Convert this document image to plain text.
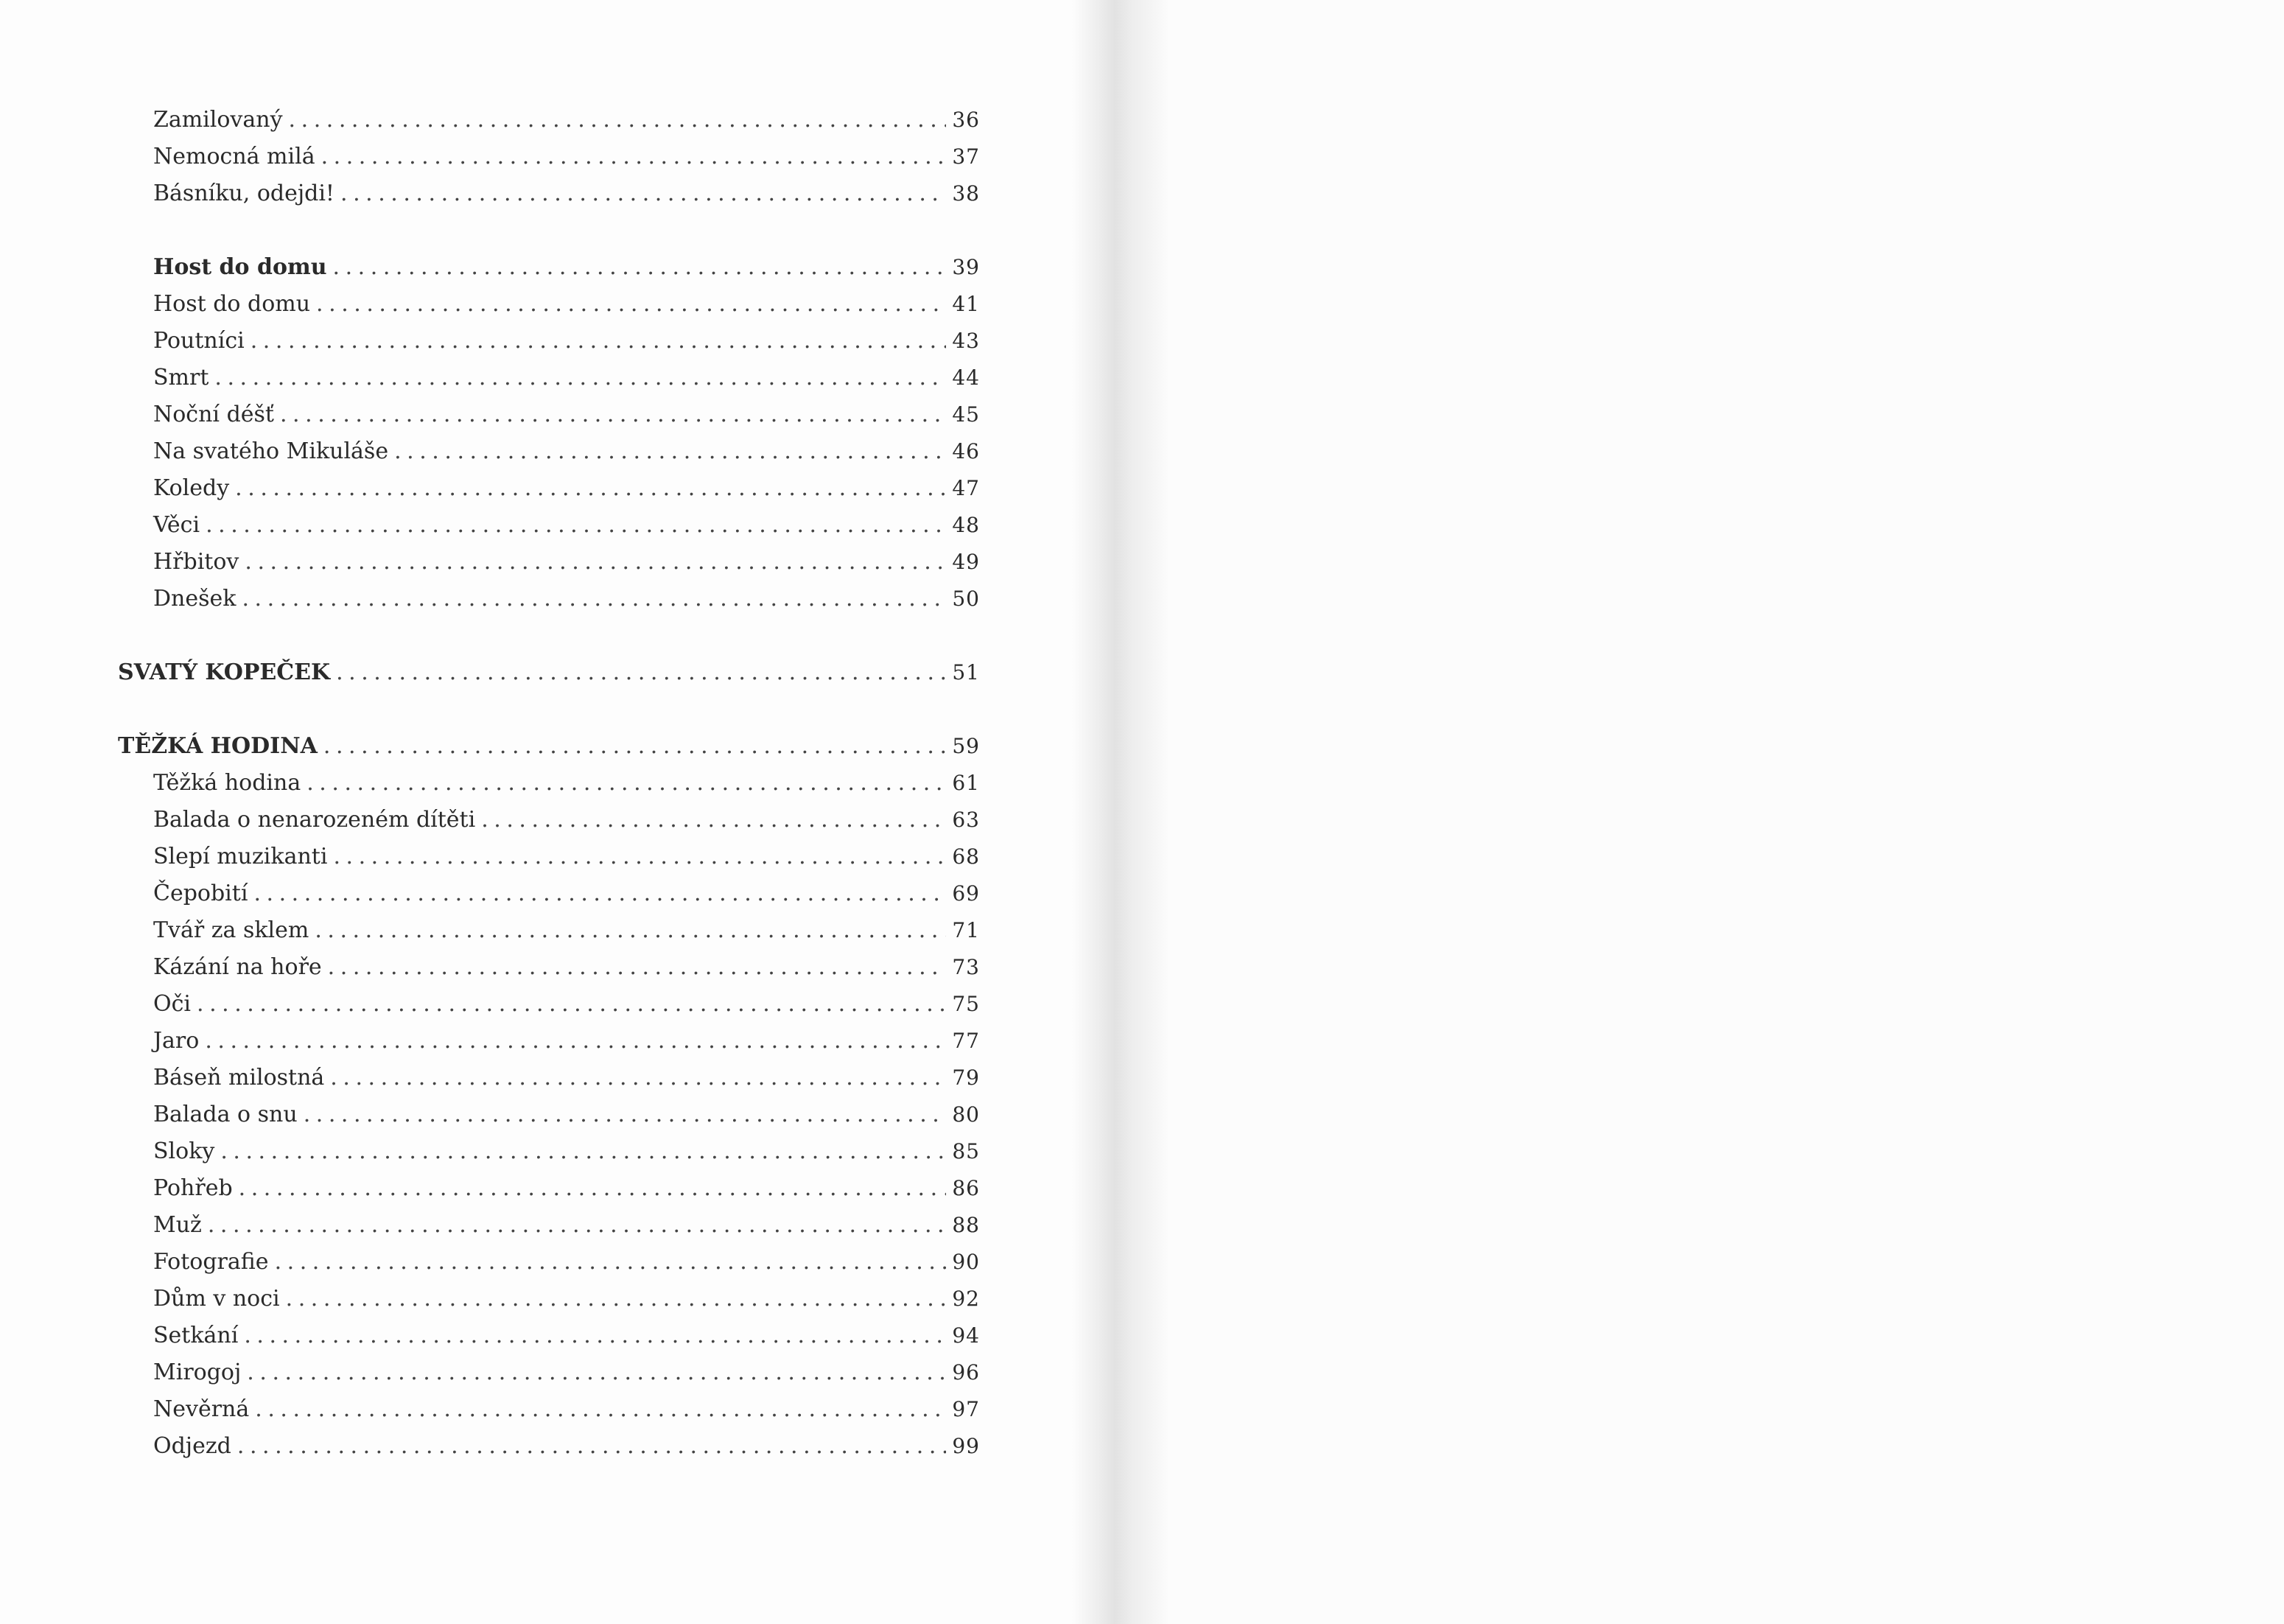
Zamilovaný . . .	36
Nemocná milá . . .	37
Básníku, odejdi! . . .	38
Host do domu . . .	39
Host do domu . . .	41
Poutníci . . .	43
Smrt . . .	44
Noční déšť . . .	45
Na svatého Mikuláše . . .	46
Koledy . . .	47
Věci . . .	48
Hřbitov . . .	49
Dnešek . . .	50
SVATÝ KOPEČEK . . .	51
TĚŽKÁ HODINA . . .	59
Těžká hodina . . .	61
Balada o nenarozeném dítěti . . .	63
Slepí muzikanti . . .	68
Čepobití . . .	69
Tvář za sklem . . .	71
Kázání na hoře . . .	73
Oči . . .	75
Jaro . . .	77
Báseň milostná . . .	79
Balada o snu . . .	80
Sloky . . .	85
Pohřeb . . .	86
Muž . . .	88
Fotografie . . .	90
Dům v noci . . .	92
Setkání . . .	94
Mirogoj . . .	96
Nevěrná . . .	97
Odjezd . . .	99
